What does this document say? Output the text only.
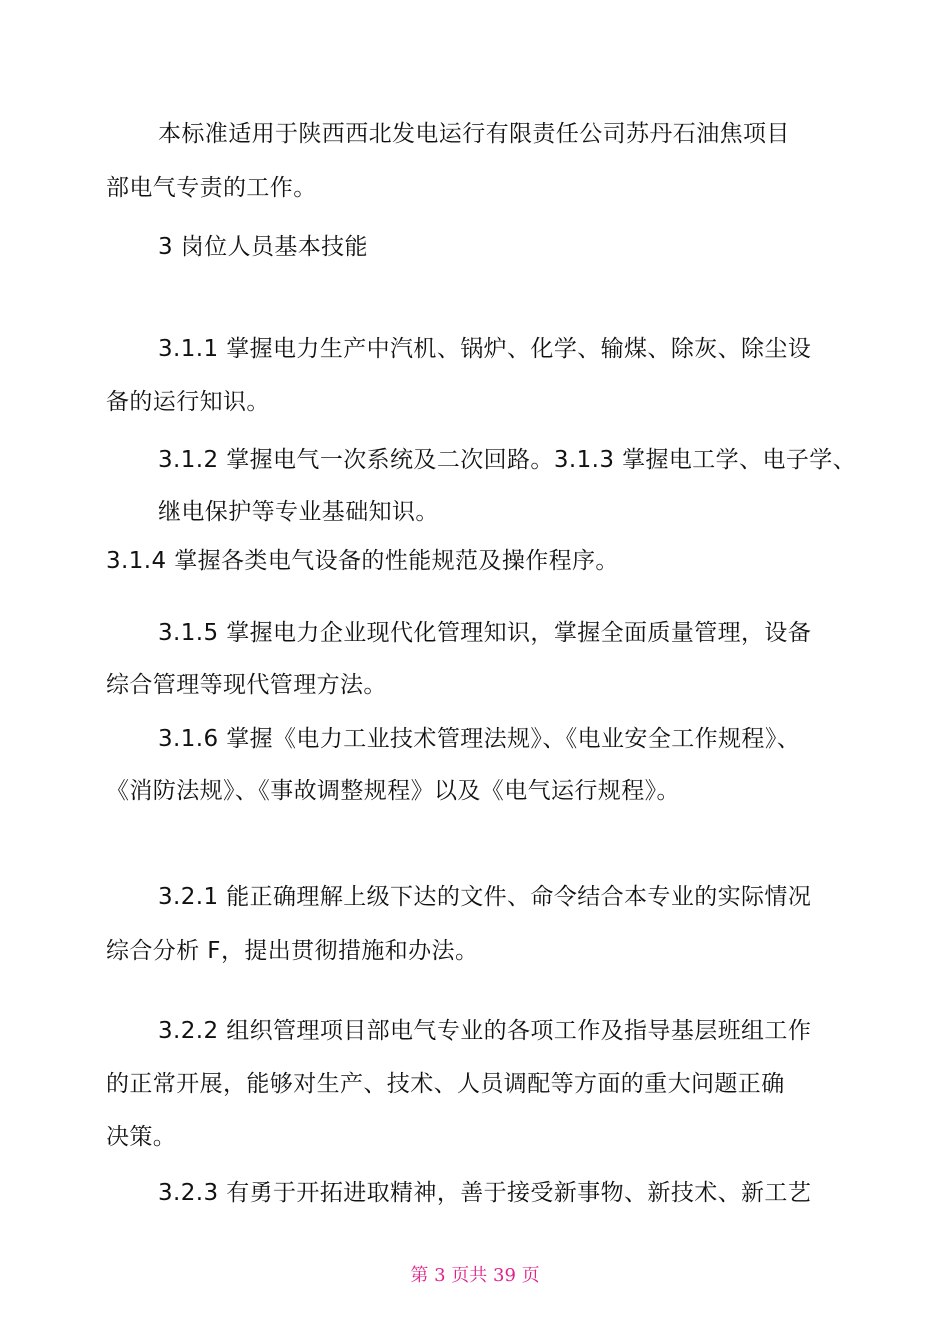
本标准适用于陕西西北发电运行有限责任公司苏丹石油焦项目
部电气专责的工作。
3 岗位人员基本技能
3.1.1 掌握电力生产中汽机、锅炉、化学、输煤、除灰、除尘设
备的运行知识。
3.1.2 掌握电气一次系统及二次回路。3.1.3 掌握电工学、电子学、
继电保护等专业基础知识。
3.1.4 掌握各类电气设备的性能规范及操作程序。
3.1.5 掌握电力企业现代化管理知识，掌握全面质量管理，设备
综合管理等现代管理方法。
3.1.6 掌握《电力工业技术管理法规》、《电业安全工作规程》、
《消防法规》、《事故调整规程》以及《电气运行规程》。
3.2.1 能正确理解上级下达的文件、命令结合本专业的实际情况
综合分析 F，提出贯彻措施和办法。
3.2.2 组织管理项目部电气专业的各项工作及指导基层班组工作
的正常开展，能够对生产、技术、人员调配等方面的重大问题正确
决策。
3.2.3 有勇于开拓进取精神，善于接受新事物、新技术、新工艺
第 3 页共 39 页
